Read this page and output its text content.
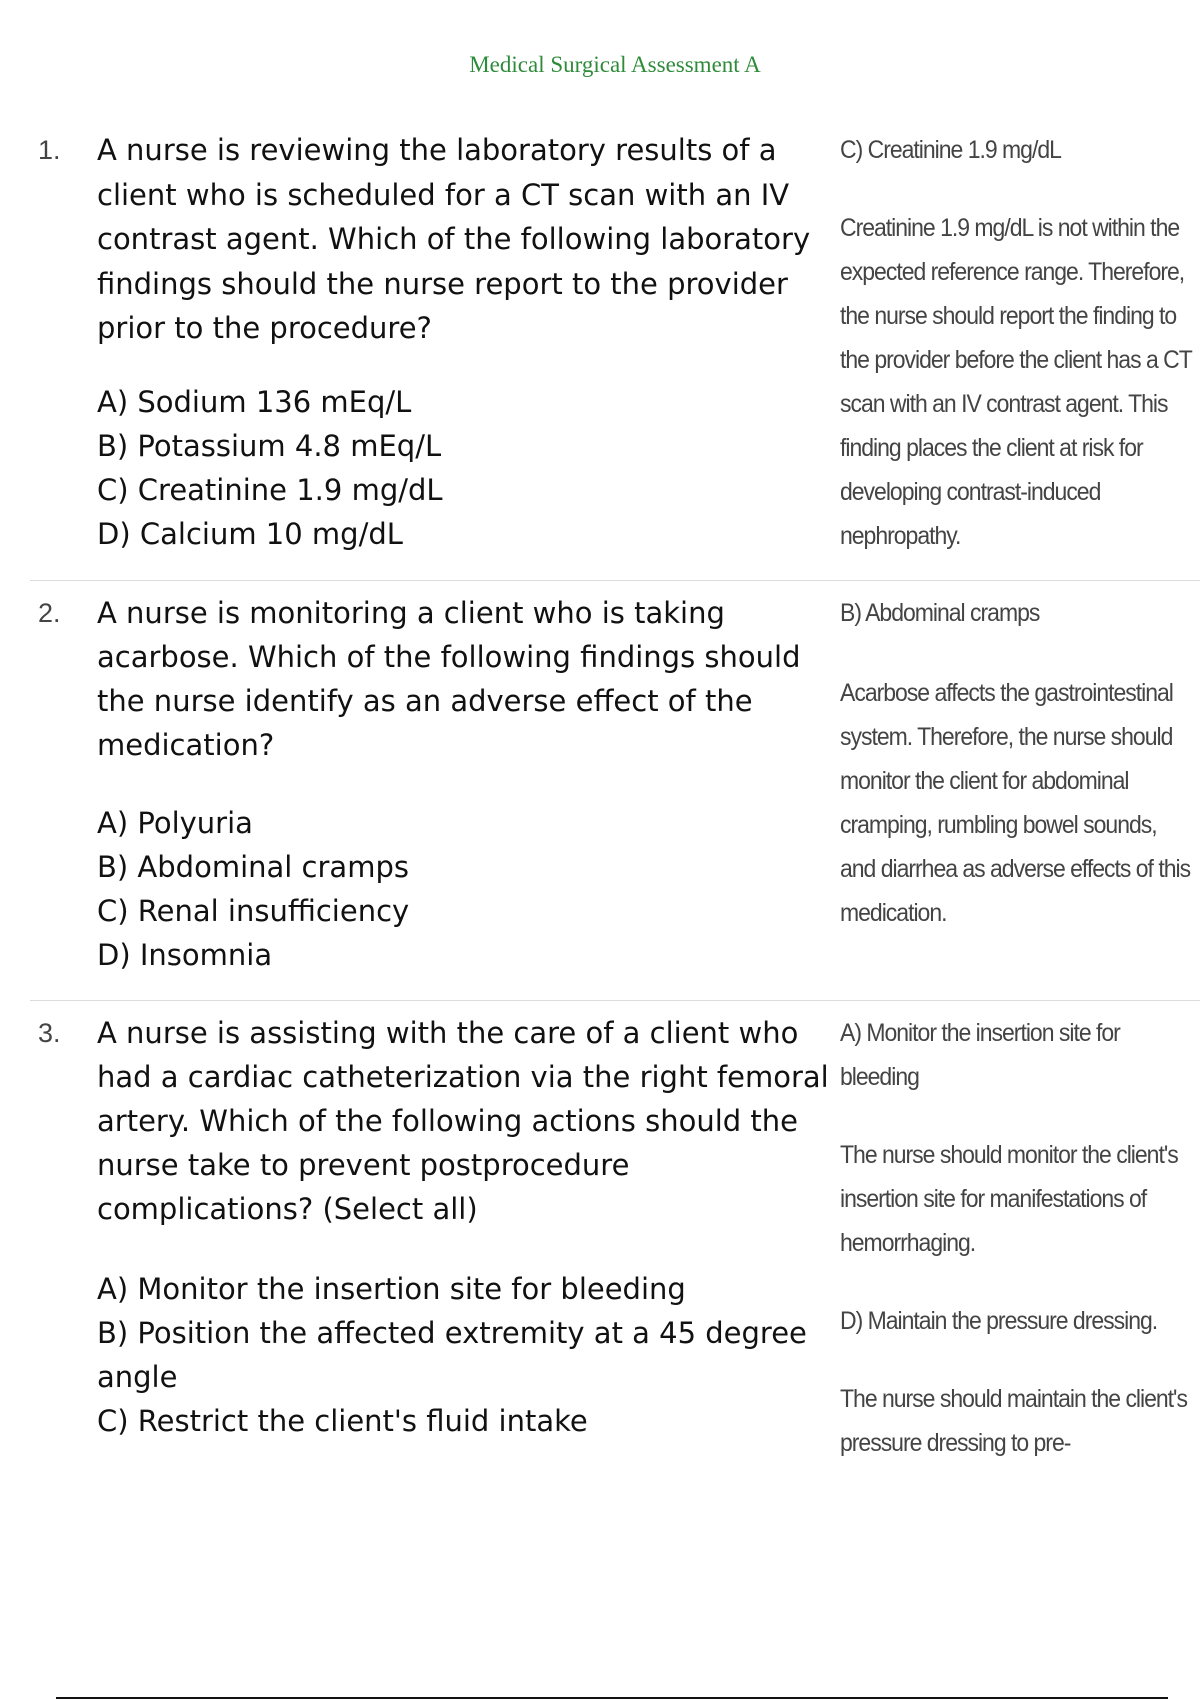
Medical Surgical Assessment A
1. A nurse is reviewing the laboratory results of a client who is scheduled for a CT scan with an IV contrast agent. Which of the following laboratory findings should the nurse report to the provider prior to the procedure?

A) Sodium 136 mEq/L
B) Potassium 4.8 mEq/L
C) Creatinine 1.9 mg/dL
D) Calcium 10 mg/dL

C) Creatinine 1.9 mg/dL

Creatinine 1.9 mg/dL is not within the expected reference range. Therefore, the nurse should report the finding to the provider before the client has a CT scan with an IV contrast agent. This finding places the client at risk for developing contrast-induced nephropathy.

2. A nurse is monitoring a client who is taking acarbose. Which of the following findings should the nurse identify as an adverse effect of the medication?

A) Polyuria
B) Abdominal cramps
C) Renal insufficiency
D) Insomnia

B) Abdominal cramps

Acarbose affects the gastrointestinal system. Therefore, the nurse should monitor the client for abdominal cramping, rumbling bowel sounds, and diarrhea as adverse effects of this medication.

3. A nurse is assisting with the care of a client who had a cardiac catheterization via the right femoral artery. Which of the following actions should the nurse take to prevent postprocedure complications? (Select all)

A) Monitor the insertion site for bleeding
B) Position the affected extremity at a 45 degree angle
C) Restrict the client's fluid intake

A) Monitor the insertion site for bleeding

The nurse should monitor the client's insertion site for manifestations of hemorrhaging.

D) Maintain the pressure dressing.

The nurse should maintain the client's pressure dressing to pre-
